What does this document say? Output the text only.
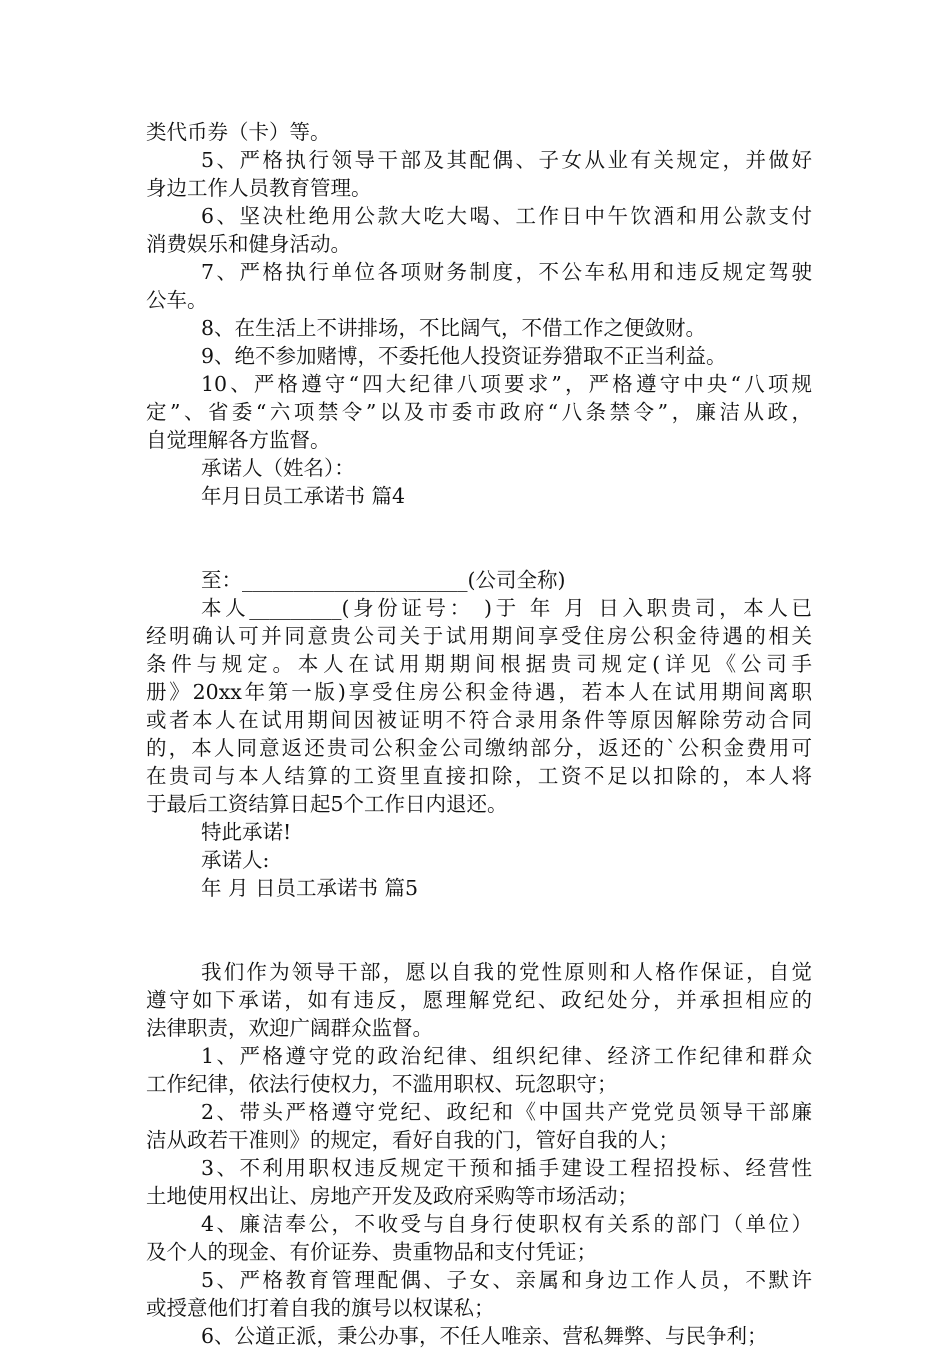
类代币券（卡）等。
5、严格执行领导干部及其配偶、子女从业有关规定，并做好
身边工作人员教育管理。
6、坚决杜绝用公款大吃大喝、工作日中午饮酒和用公款支付
消费娱乐和健身活动。
7、严格执行单位各项财务制度，不公车私用和违反规定驾驶
公车。
8、在生活上不讲排场，不比阔气，不借工作之便敛财。
9、绝不参加赌博，不委托他人投资证券猎取不正当利益。
10、严格遵守“四大纪律八项要求”，严格遵守中央“八项规
定”、省委“六项禁令”以及市委市政府“八条禁令”，廉洁从政，
自觉理解各方监督。
承诺人（姓名）：
年月日员工承诺书 篇4
至：______________________(公司全称)
本人_________(身份证号： )于 年 月 日入职贵司，本人已
经明确认可并同意贵公司关于试用期间享受住房公积金待遇的相关
条件与规定。本人在试用期期间根据贵司规定(详见《公司手
册》20xx年第一版)享受住房公积金待遇，若本人在试用期间离职
或者本人在试用期间因被证明不符合录用条件等原因解除劳动合同
的，本人同意返还贵司公积金公司缴纳部分，返还的`公积金费用可
在贵司与本人结算的工资里直接扣除，工资不足以扣除的，本人将
于最后工资结算日起5个工作日内退还。
特此承诺!
承诺人:
年 月 日员工承诺书 篇5
我们作为领导干部，愿以自我的党性原则和人格作保证，自觉
遵守如下承诺，如有违反，愿理解党纪、政纪处分，并承担相应的
法律职责，欢迎广阔群众监督。
1、严格遵守党的政治纪律、组织纪律、经济工作纪律和群众
工作纪律，依法行使权力，不滥用职权、玩忽职守；
2、带头严格遵守党纪、政纪和《中国共产党党员领导干部廉
洁从政若干准则》的规定，看好自我的门，管好自我的人；
3、不利用职权违反规定干预和插手建设工程招投标、经营性
土地使用权出让、房地产开发及政府采购等市场活动；
4、廉洁奉公，不收受与自身行使职权有关系的部门（单位）
及个人的现金、有价证券、贵重物品和支付凭证；
5、严格教育管理配偶、子女、亲属和身边工作人员，不默许
或授意他们打着自我的旗号以权谋私；
6、公道正派，秉公办事，不任人唯亲、营私舞弊、与民争利；
